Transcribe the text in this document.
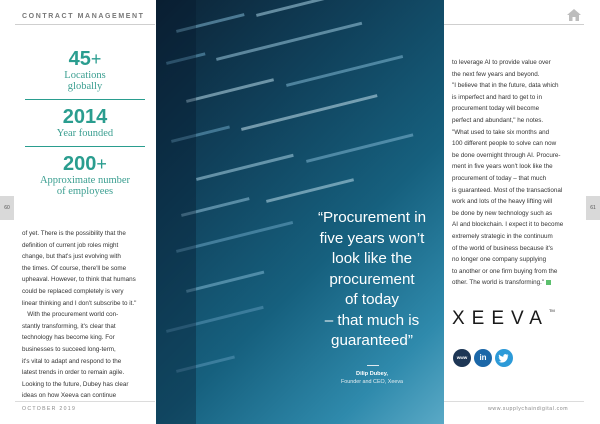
CONTRACT MANAGEMENT
45+
Locations
globally
2014
Year founded
200+
Approximate number
of employees
60	61
of yet. There is the possibility that the
definition of current job roles might
change, but that's just evolving with
the times. Of course, there'll be some
upheaval. However, to think that humans
could be replaced completely is very
linear thinking and I don't subscribe to it."
With the procurement world con-
stantly transforming, it's clear that
technology has become king. For
businesses to succeed long-term,
it's vital to adapt and respond to the
latest trends in order to remain agile.
Looking to the future, Dubey has clear
ideas on how Xeeva can continue
“Procurement in
five years won’t
look like the
procurement
of today
– that much is
guaranteed”
Dilip Dubey,
Founder and CEO, Xeeva
to leverage AI to provide value over
the next few years and beyond.
"I believe that in the future, data which
is imperfect and hard to get to in
procurement today will become
perfect and abundant," he notes.
"What used to take six months and
100 different people to solve can now
be done overnight through AI. Procure-
ment in five years won't look like the
procurement of today – that much
is guaranteed. Most of the transactional
work and lots of the heavy lifting will
be done by new technology such as
AI and blockchain. I expect it to become
extremely strategic in the continuum
of the world of business because it's
no longer one company supplying
to another or one firm buying from the
other. The world is transforming."
XEEVA™
www	in
OCTOBER 2019	www.supplychaindigital.com
